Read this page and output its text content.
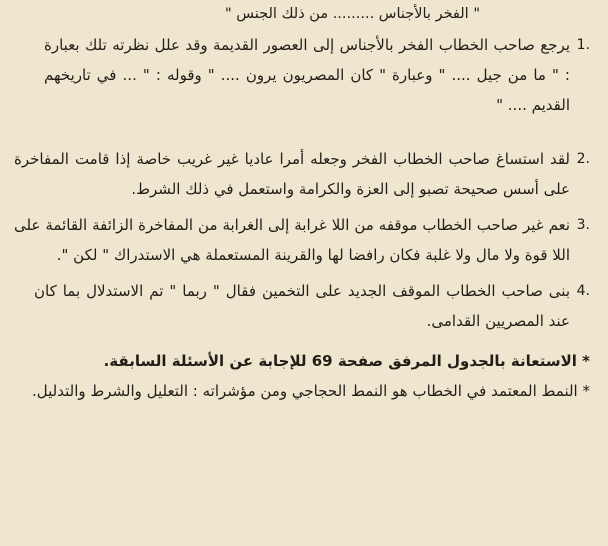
" الفخر بالأجناس ......... من ذلك الجنس "

1.
يرجع صاحب الخطاب الفخر بالأجناس إلى العصور القديمة وقد علل نظرته تلك بعبارة : " ما من جيل .... " وعبارة " كان المصريون يرون .... " وقوله : " ... في تاريخهم القديم .... "
2.
لقد استساغ صاحب الخطاب الفخر وجعله أمرا عاديا غير غريب خاصة إذا قامت المفاخرة على أسس صحيحة تصبو إلى العزة والكرامة واستعمل في ذلك الشرط.
3.
نعم غير صاحب الخطاب موقفه من اللا غرابة إلى الغرابة من المفاخرة الزائفة القائمة على اللا قوة ولا مال ولا غلبة فكان رافضا لها والقرينة المستعملة هي الاستدراك " لكن ".
4.
بنى صاحب الخطاب الموقف الجديد على التخمين فقال " ربما " تم الاستدلال بما كان عند المصريين القدامى.

* الاستعانة بالجدول المرفق صفحة 69 للإجابة عن الأسئلة السابقة.

* النمط المعتمد في الخطاب هو النمط الحجاجي ومن مؤشراته : التعليل والشرط والتدليل.
